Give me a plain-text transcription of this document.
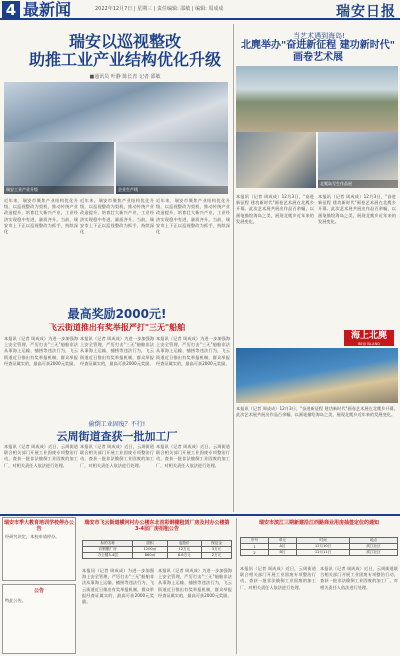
4 最新闻	2022年12月7日 | 星期三 | 责任编辑: 邵敏 | 编辑: 周成成	瑞安日报
瑞安以巡视整改
助推工业产业结构优化升级
■通讯员 叶静 陈长青 记者 邵敏
瑞安工业产业升级	企业生产线
近年来，瑞安市聚焦产业结构优化升级，以巡视整改为契机，推动传统产业改造提升，培育壮大新兴产业，工业经济实现稳中有进、量质齐升。当前，瑞安市上下正以巡视整改为抓手，持续深化
近年来，瑞安市聚焦产业结构优化升级，以巡视整改为契机，推动传统产业改造提升，培育壮大新兴产业，工业经济实现稳中有进、量质齐升。当前，瑞安市上下正以巡视整改为抓手，持续深化
近年来，瑞安市聚焦产业结构优化升级，以巡视整改为契机，推动传统产业改造提升，培育壮大新兴产业，工业经济实现稳中有进、量质齐升。当前，瑞安市上下正以巡视整改为抓手，持续深化
当艺术遇到海岛!
北麂举办"奋进新征程 建功新时代"
画卷艺术展
北麂岛写生作品展
本报讯（记者 周成成）12月3日，"奋进新征程 建功新时代"画卷艺术展在北麂乡开幕。此次艺术展共展出作品百余幅，以画笔描绘海岛之美，展现北麂乡近年来的发展变化。
本报讯（记者 周成成）12月3日，"奋进新征程 建功新时代"画卷艺术展在北麂乡开幕。此次艺术展共展出作品百余幅，以画笔描绘海岛之美，展现北麂乡近年来的发展变化。
海上北麂
BEIJI ISLAND
本报讯（记者 周成成）12月3日，"奋进新征程 建功新时代"画卷艺术展在北麂乡开幕。此次艺术展共展出作品百余幅，以画笔描绘海岛之美，展现北麂乡近年来的发展变化。
最高奖励2000元!
飞云街道推出有奖举报严打"三无"船舶
本报讯（记者 周成成）为进一步加强海上安全管理，严厉打击"三无"船舶非法从事海上运输、捕捞等违法行为，飞云街道近日推出有奖举报机制，群众举报经查证属实的，最高可获2000元奖励。
本报讯（记者 周成成）为进一步加强海上安全管理，严厉打击"三无"船舶非法从事海上运输、捕捞等违法行为，飞云街道近日推出有奖举报机制，群众举报经查证属实的，最高可获2000元奖励。
本报讯（记者 周成成）为进一步加强海上安全管理，严厉打击"三无"船舶非法从事海上运输、捕捞等违法行为，飞云街道近日推出有奖举报机制，群众举报经查证属实的，最高可获2000元奖励。
偷倒工业固废？不行!
云周街道查获一批加工厂
本报讯（记者 周成成）近日，云周街道联合相关部门开展工业固废专项整治行动，查获一批非法偷倒工业固废的加工厂，对相关责任人依法进行处理。
本报讯（记者 周成成）近日，云周街道联合相关部门开展工业固废专项整治行动，查获一批非法偷倒工业固废的加工厂，对相关责任人依法进行处理。
本报讯（记者 周成成）近日，云周街道联合相关部门开展工业固废专项整治行动，查获一批非法偷倒工业固废的加工厂，对相关责任人依法进行处理。
瑞安市季大教育培训学校停办公告
经研究决定，本校申请停办。
公告
特此公告。
瑞安市飞云街道横河村办公楼东北首彩钢棚租赁厂房及村办公楼第3-4层厂房招租公告
标的名称	面积	起拍价	保证金
彩钢棚厂房	1200㎡	12万元	3万元
办公楼3-4层	860㎡	8.6万元	2万元
本报讯（记者 周成成）为进一步加强海上安全管理，严厉打击"三无"船舶非法从事海上运输、捕捞等违法行为，飞云街道近日推出有奖举报机制，群众举报经查证属实的，最高可获2000元奖励。
本报讯（记者 周成成）为进一步加强海上安全管理，严厉打击"三无"船舶非法从事海上运输、捕捞等违法行为，飞云街道近日推出有奖举报机制，群众举报经查证属实的，最高可获2000元奖励。
瑞安市滨江三期新建沿江西路商业用房抽签定位的通知
序号	单元	时间	地点
1	A区	12月10日	滨江社区
2	B区	12月11日	滨江社区
本报讯（记者 周成成）近日，云周街道联合相关部门开展工业固废专项整治行动，查获一批非法偷倒工业固废的加工厂，对相关责任人依法进行处理。
本报讯（记者 周成成）近日，云周街道联合相关部门开展工业固废专项整治行动，查获一批非法偷倒工业固废的加工厂，对相关责任人依法进行处理。
